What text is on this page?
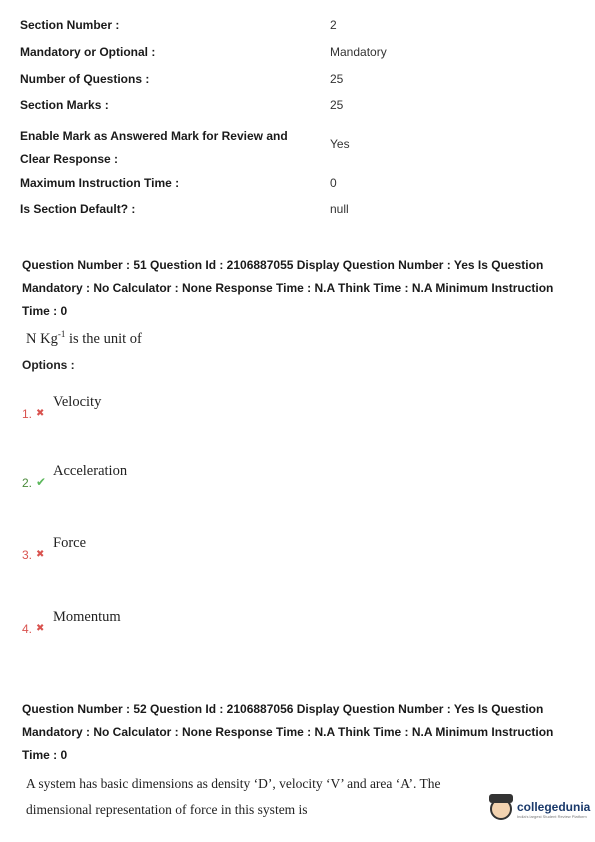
Section Number :	2
Mandatory or Optional :	Mandatory
Number of Questions :	25
Section Marks :	25
Enable Mark as Answered Mark for Review and
Clear Response :
Yes
Maximum Instruction Time :	0
Is Section Default? :	null
Question Number : 51 Question Id : 2106887055 Display Question Number : Yes Is Question
Mandatory : No Calculator : None Response Time : N.A Think Time : N.A Minimum Instruction
Time : 0
N $Kg^{-1}$ is the unit of
Options :
Velocity
1. ✖
Acceleration
2. ✔
Force
3. ✖
Momentum
4. ✖
Question Number : 52 Question Id : 2106887056 Display Question Number : Yes Is Question
Mandatory : No Calculator : None Response Time : N.A Think Time : N.A Minimum Instruction
Time : 0
A system has basic dimensions as density ‘D’, velocity ‘V’ and area ‘A’. The
dimensional representation of force in this system is	collegedunia
India's largest Student Review Platform
